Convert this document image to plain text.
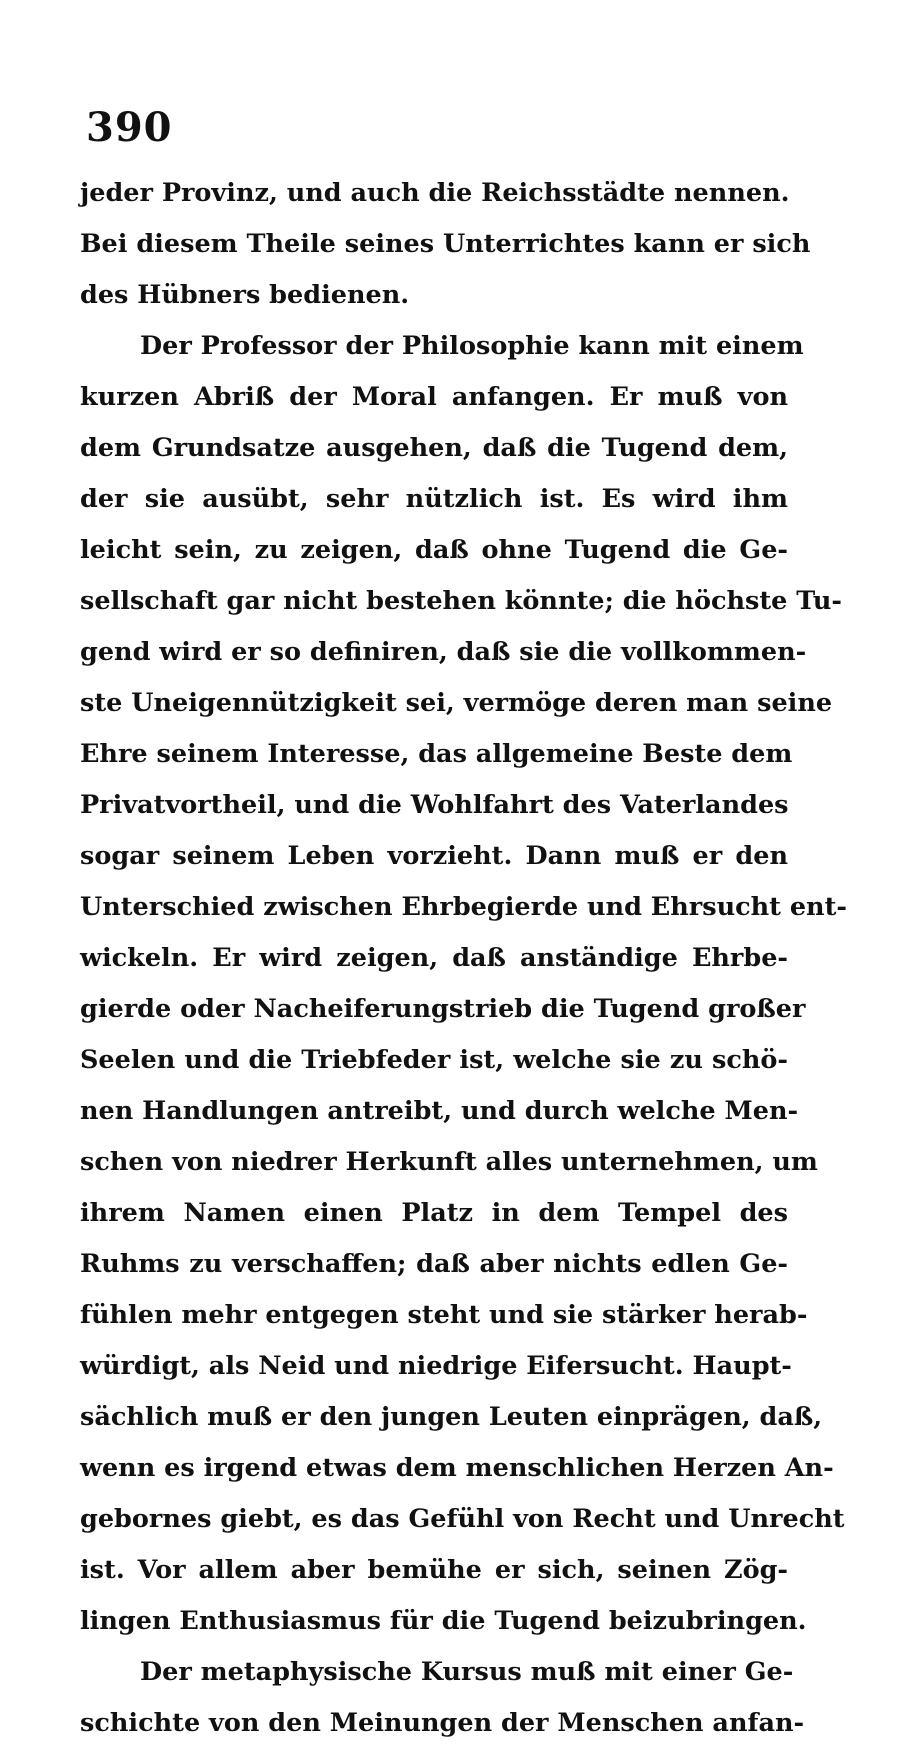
390
jeder Provinz, und auch die Reichsstädte nennen.
Bei diesem Theile seines Unterrichtes kann er sich
des Hübners bedienen.
Der Professor der Philosophie kann mit einem
kurzen Abriß der Moral anfangen. Er muß von
dem Grundsatze ausgehen, daß die Tugend dem,
der sie ausübt, sehr nützlich ist. Es wird ihm
leicht sein, zu zeigen, daß ohne Tugend die Ge-
sellschaft gar nicht bestehen könnte; die höchste Tu-
gend wird er so definiren, daß sie die vollkommen-
ste Uneigennützigkeit sei, vermöge deren man seine
Ehre seinem Interesse, das allgemeine Beste dem
Privatvortheil, und die Wohlfahrt des Vaterlandes
sogar seinem Leben vorzieht. Dann muß er den
Unterschied zwischen Ehrbegierde und Ehrsucht ent-
wickeln. Er wird zeigen, daß anständige Ehrbe-
gierde oder Nacheiferungstrieb die Tugend großer
Seelen und die Triebfeder ist, welche sie zu schö-
nen Handlungen antreibt, und durch welche Men-
schen von niedrer Herkunft alles unternehmen, um
ihrem Namen einen Platz in dem Tempel des
Ruhms zu verschaffen; daß aber nichts edlen Ge-
fühlen mehr entgegen steht und sie stärker herab-
würdigt, als Neid und niedrige Eifersucht. Haupt-
sächlich muß er den jungen Leuten einprägen, daß,
wenn es irgend etwas dem menschlichen Herzen An-
gebornes giebt, es das Gefühl von Recht und Unrecht
ist. Vor allem aber bemühe er sich, seinen Zög-
lingen Enthusiasmus für die Tugend beizubringen.
Der metaphysische Kursus muß mit einer Ge-
schichte von den Meinungen der Menschen anfan-
